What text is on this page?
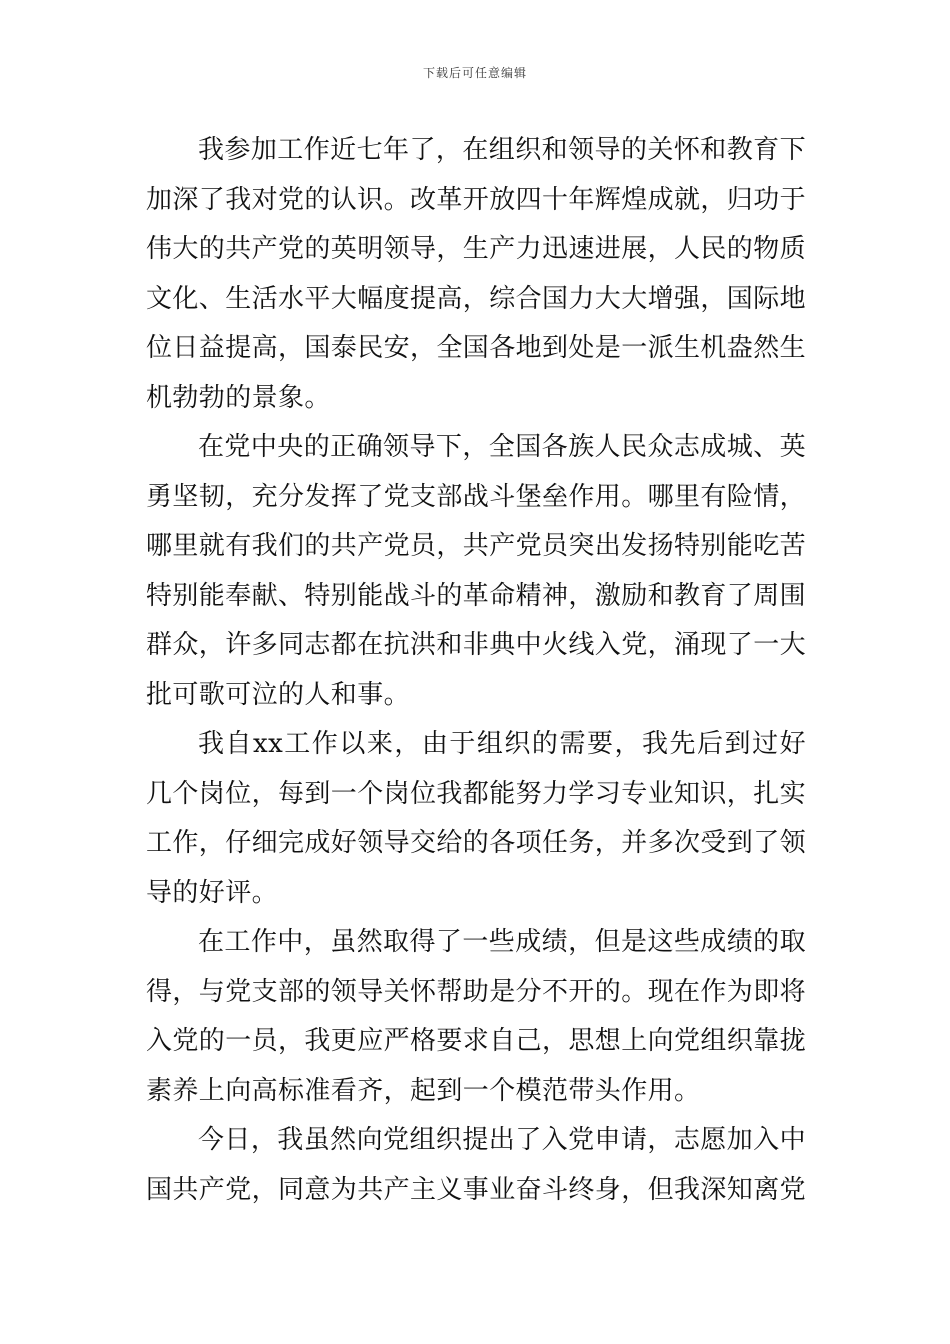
下载后可任意编辑

我参加工作近七年了，在组织和领导的关怀和教育下加深了我对党的认识。改革开放四十年辉煌成就，归功于伟大的共产党的英明领导，生产力迅速进展，人民的物质文化、生活水平大幅度提高，综合国力大大增强，国际地位日益提高，国泰民安，全国各地到处是一派生机盎然生机勃勃的景象。

在党中央的正确领导下，全国各族人民众志成城、英勇坚韧，充分发挥了党支部战斗堡垒作用。哪里有险情，哪里就有我们的共产党员，共产党员突出发扬特别能吃苦特别能奉献、特别能战斗的革命精神，激励和教育了周围群众，许多同志都在抗洪和非典中火线入党，涌现了一大批可歌可泣的人和事。

我自xx工作以来，由于组织的需要，我先后到过好几个岗位，每到一个岗位我都能努力学习专业知识，扎实工作，仔细完成好领导交给的各项任务，并多次受到了领导的好评。

在工作中，虽然取得了一些成绩，但是这些成绩的取得，与党支部的领导关怀帮助是分不开的。现在作为即将入党的一员，我更应严格要求自己，思想上向党组织靠拢素养上向高标准看齐，起到一个模范带头作用。

今日，我虽然向党组织提出了入党申请，志愿加入中国共产党，同意为共产主义事业奋斗终身，但我深知离党
